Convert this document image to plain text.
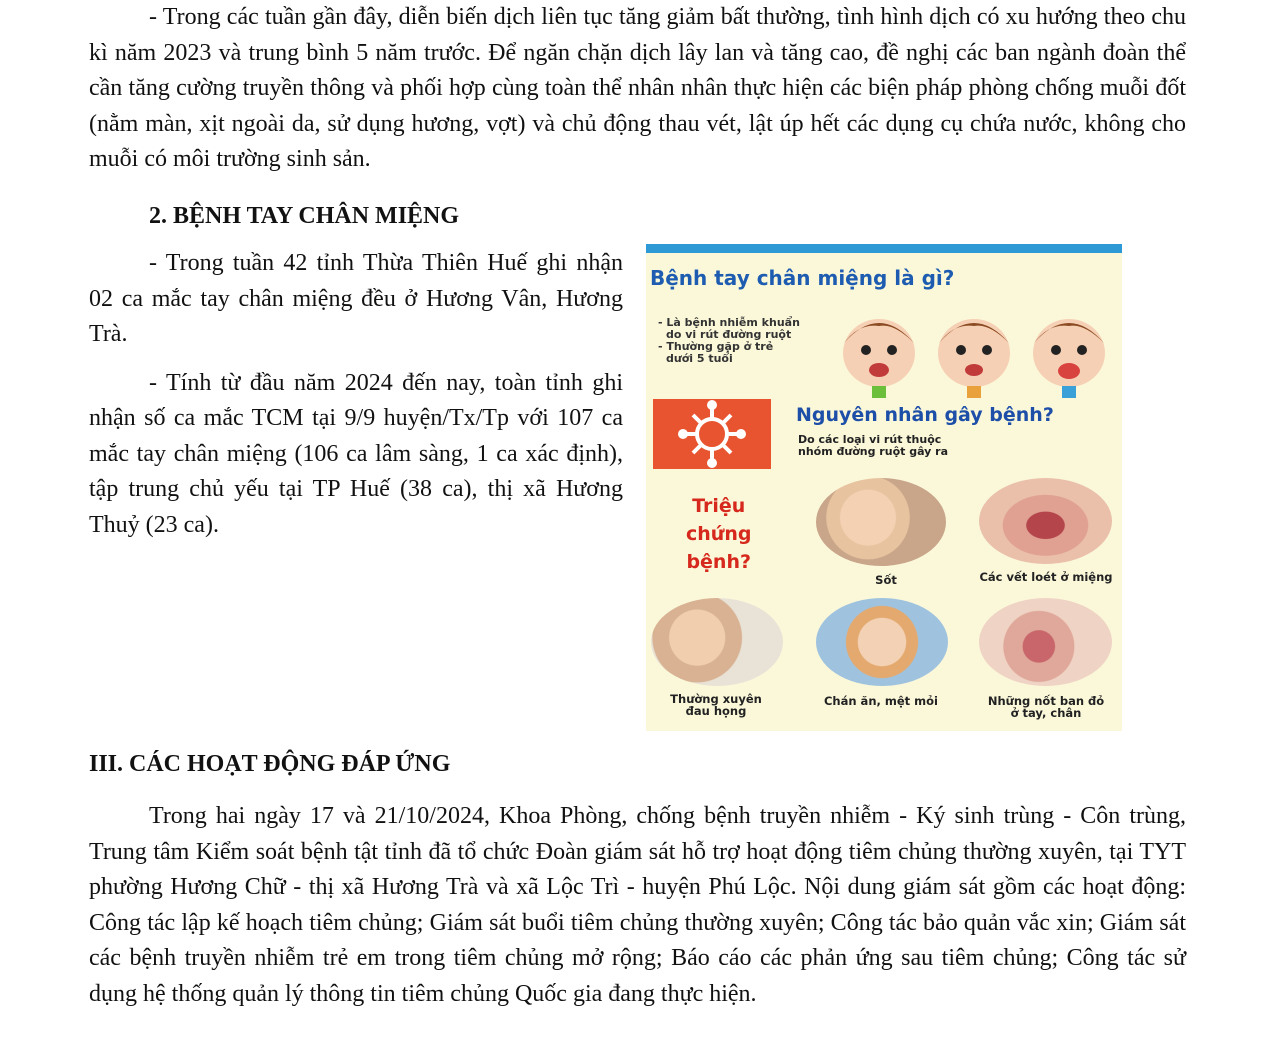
- Trong các tuần gần đây, diễn biến dịch liên tục tăng giảm bất thường, tình hình dịch có xu hướng theo chu kì năm 2023 và trung bình 5 năm trước. Để ngăn chặn dịch lây lan và tăng cao, đề nghị các ban ngành đoàn thể cần tăng cường truyền thông và phối hợp cùng toàn thể nhân nhân thực hiện các biện pháp phòng chống muỗi đốt (nằm màn, xịt ngoài da, sử dụng hương, vợt) và chủ động thau vét, lật úp hết các dụng cụ chứa nước, không cho muỗi có môi trường sinh sản.

2. BỆNH TAY CHÂN MIỆNG

- Trong tuần 42 tỉnh Thừa Thiên Huế ghi nhận 02 ca mắc tay chân miệng đều ở Hương Vân, Hương Trà.

- Tính từ đầu năm 2024 đến nay, toàn tỉnh ghi nhận số ca mắc TCM tại 9/9 huyện/Tx/Tp với 107 ca mắc tay chân miệng (106 ca lâm sàng, 1 ca xác định), tập trung chủ yếu tại TP Huế (38 ca), thị xã Hương Thuỷ (23 ca).

III. CÁC HOẠT ĐỘNG ĐÁP ỨNG

Trong hai ngày 17 và 21/10/2024, Khoa Phòng, chống bệnh truyền nhiễm - Ký sinh trùng - Côn trùng, Trung tâm Kiểm soát bệnh tật tỉnh đã tổ chức Đoàn giám sát hỗ trợ hoạt động tiêm chủng thường xuyên, tại TYT phường Hương Chữ - thị xã Hương Trà và xã Lộc Trì - huyện Phú Lộc. Nội dung giám sát gồm các hoạt động: Công tác lập kế hoạch tiêm chủng; Giám sát buổi tiêm chủng thường xuyên; Công tác bảo quản vắc xin; Giám sát các bệnh truyền nhiễm trẻ em trong tiêm chủng mở rộng; Báo cáo các phản ứng sau tiêm chủng; Công tác sử dụng hệ thống quản lý thông tin tiêm chủng Quốc gia đang thực hiện.

Bệnh tay chân miệng là gì?
- Là bệnh nhiễm khuẩn
do vi rút đường ruột
- Thường gặp ở trẻ
dưới 5 tuổi
Nguyên nhân gây bệnh?
Do các loại vi rút thuộc
nhóm đường ruột gây ra
Triệu
chứng
bệnh?
Sốt	Các vết loét ở miệng
Thường xuyên
đau họng
Chán ăn, mệt mỏi	Những nốt ban đỏ
ở tay, chân
